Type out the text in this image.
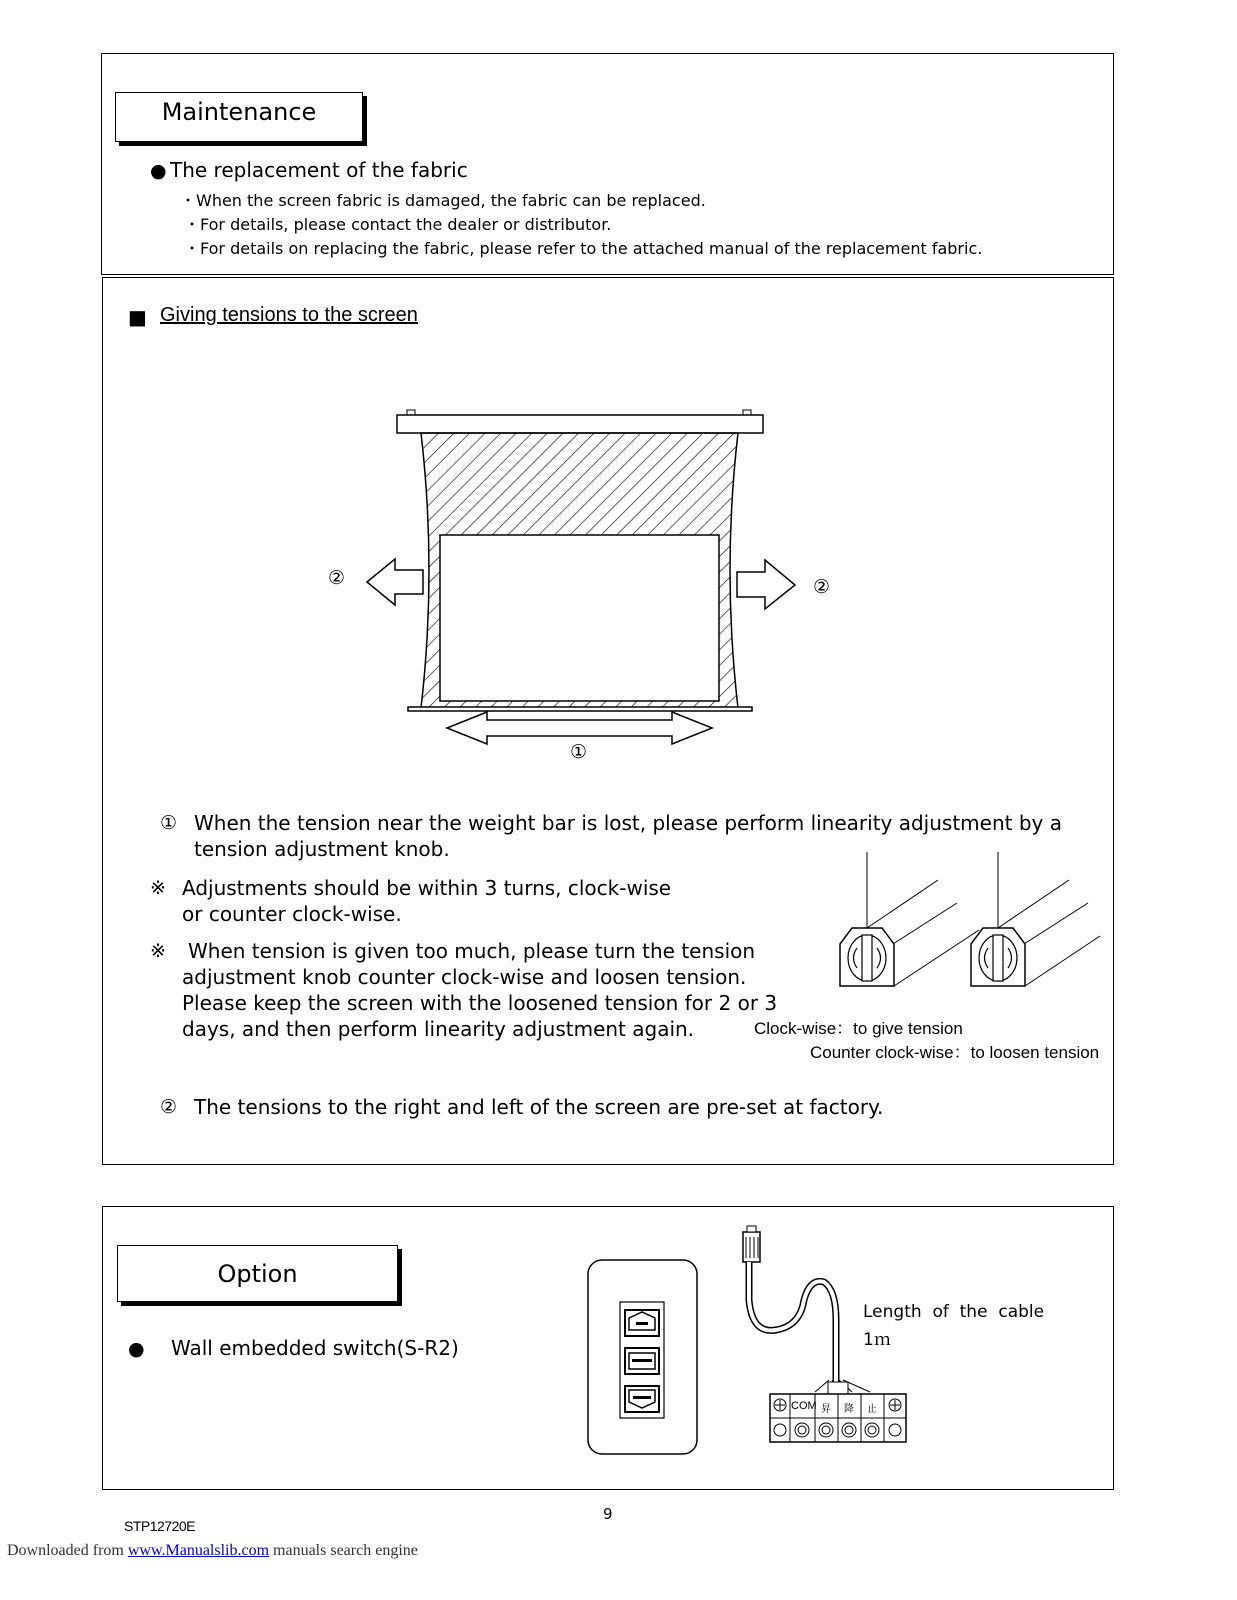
Maintenance
● The replacement of the fabric
・When the screen fabric is damaged, the fabric can be replaced.
・For details, please contact the dealer or distributor.
・For details on replacing the fabric, please refer to the attached manual of the replacement fabric.
■ Giving tensions to the screen
②	②
①
① When the tension near the weight bar is lost, please perform linearity adjustment by a
tension adjustment knob.
※ Adjustments should be within 3 turns, clock-wise
or counter clock-wise.
※ When tension is given too much, please turn the tension
adjustment knob counter clock-wise and loosen tension.
Please keep the screen with the loosened tension for 2 or 3
days, and then perform linearity adjustment again.	Clock-wise：to give tension
Counter clock-wise：to loosen tension
② The tensions to the right and left of the screen are pre-set at factory.
Option
● Wall embedded switch(S-R2)
COM 昇 降 止
Length  of  the  cable
1ｍ
9
STP12720E
Downloaded from www.Manualslib.com manuals search engine
